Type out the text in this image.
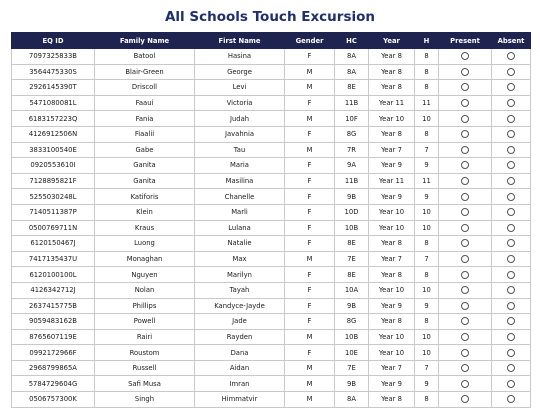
All Schools Touch Excursion
EQ ID	Family Name	First Name	Gender	HC	Year	H	Present	Absent
7097325833B	Batool	Hasina	F	8A	Year 8	8		
3564475330S	Blair-Green	George	M	8A	Year 8	8		
2926145390T	Driscoll	Levi	M	8E	Year 8	8		
5471080081L	Faaui	Victoria	F	11B	Year 11	11		
6183157223Q	Fania	Judah	M	10F	Year 10	10		
4126912506N	Fiaalii	Javahnia	F	8G	Year 8	8		
3833100540E	Gabe	Tau	M	7R	Year 7	7		
0920553610I	Ganita	Maria	F	9A	Year 9	9		
7128895821F	Ganita	Masilina	F	11B	Year 11	11		
5255030248L	Katiforis	Chanelle	F	9B	Year 9	9		
7140511387P	Klein	Marli	F	10D	Year 10	10		
0500769711N	Kraus	Lulana	F	10B	Year 10	10		
6120150467J	Luong	Natalie	F	8E	Year 8	8		
7417135437U	Monaghan	Max	M	7E	Year 7	7		
6120100100L	Nguyen	Marilyn	F	8E	Year 8	8		
4126342712J	Nolan	Tayah	F	10A	Year 10	10		
2637415775B	Phillips	Kandyce-Jayde	F	9B	Year 9	9		
9059483162B	Powell	Jade	F	8G	Year 8	8		
8765607119E	Rairi	Rayden	M	10B	Year 10	10		
0992172966F	Roustom	Dana	F	10E	Year 10	10		
2968799865A	Russell	Aidan	M	7E	Year 7	7		
5784729604G	Safi Musa	Imran	M	9B	Year 9	9		
0506757300K	Singh	Himmatvir	M	8A	Year 8	8		
